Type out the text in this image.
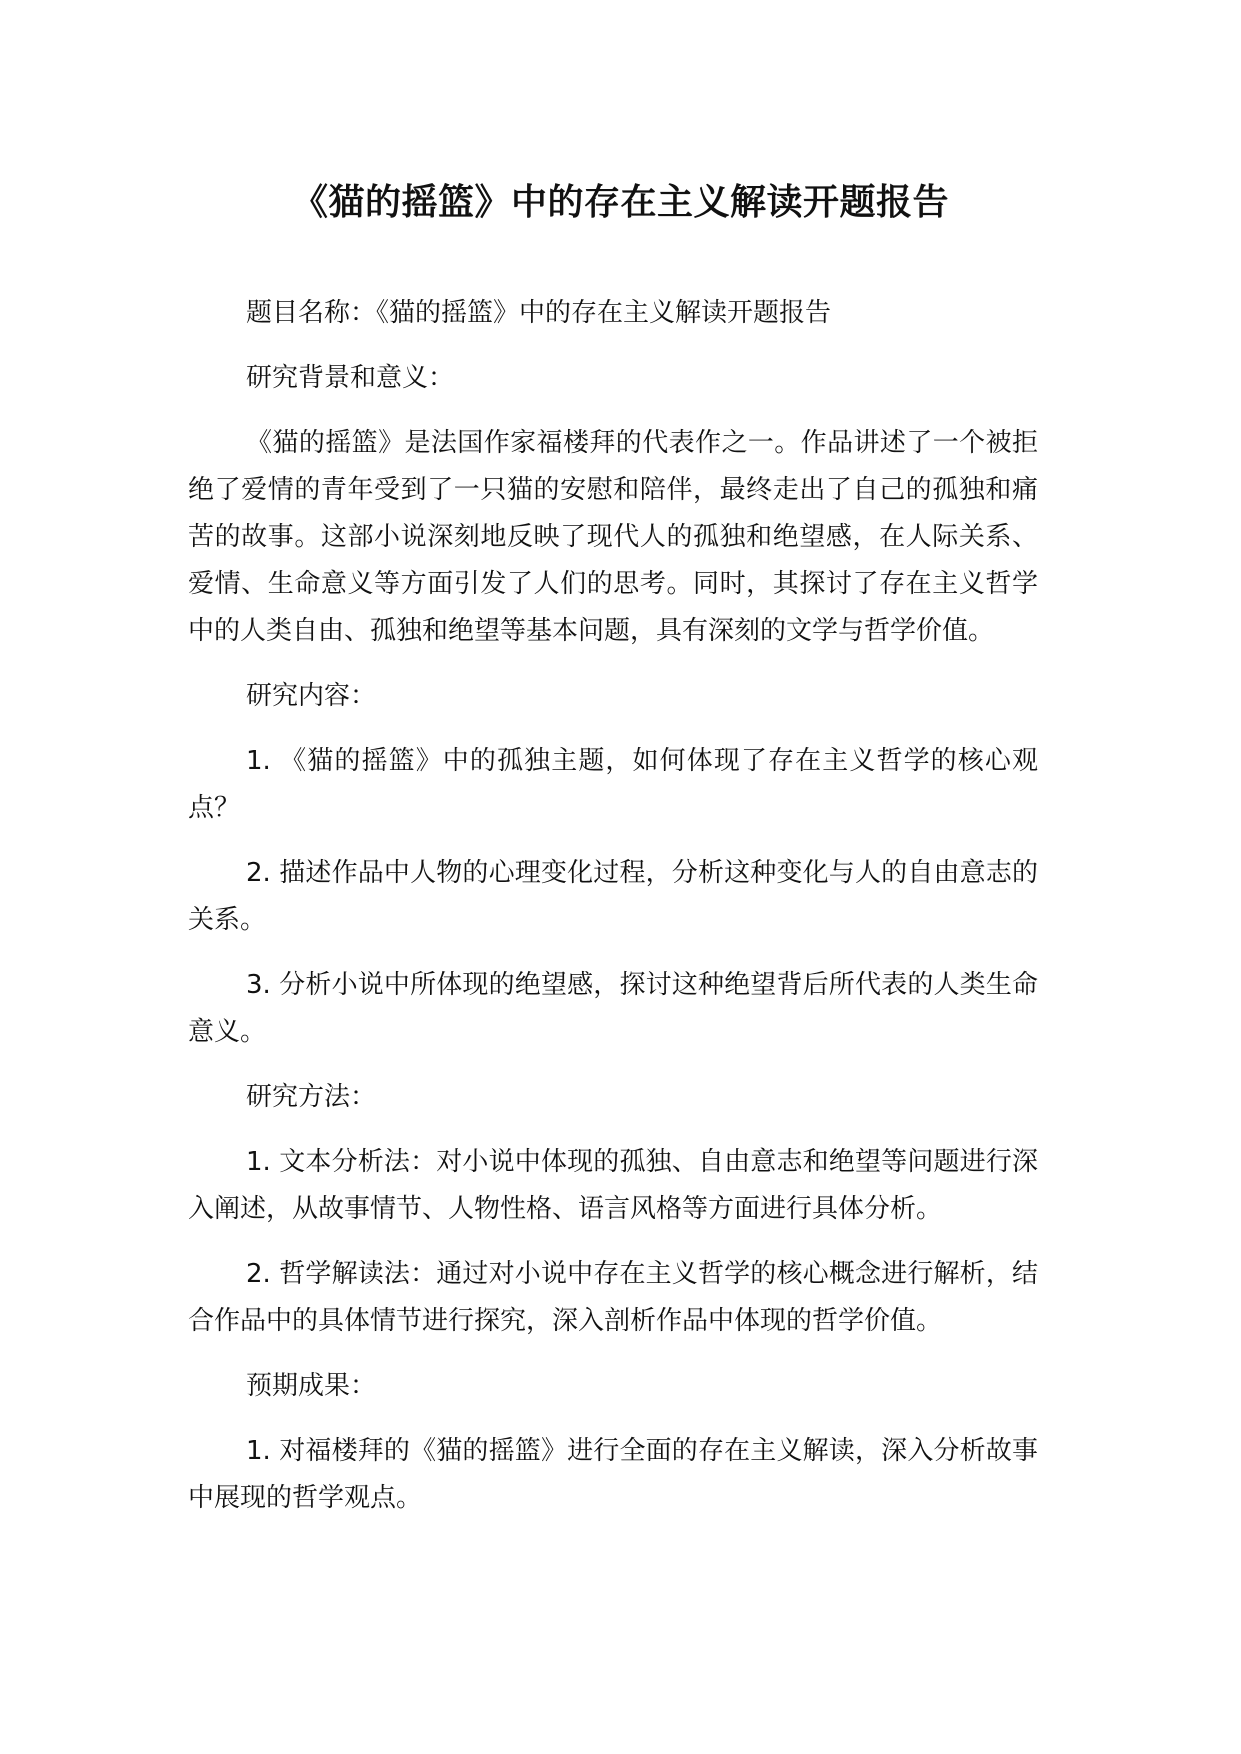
《猫的摇篮》中的存在主义解读开题报告

题目名称：《猫的摇篮》中的存在主义解读开题报告

研究背景和意义：

《猫的摇篮》是法国作家福楼拜的代表作之一。作品讲述了一个被拒绝了爱情的青年受到了一只猫的安慰和陪伴，最终走出了自己的孤独和痛苦的故事。这部小说深刻地反映了现代人的孤独和绝望感，在人际关系、爱情、生命意义等方面引发了人们的思考。同时，其探讨了存在主义哲学中的人类自由、孤独和绝望等基本问题，具有深刻的文学与哲学价值。

研究内容：

1. 《猫的摇篮》中的孤独主题，如何体现了存在主义哲学的核心观点？

2. 描述作品中人物的心理变化过程，分析这种变化与人的自由意志的关系。

3. 分析小说中所体现的绝望感，探讨这种绝望背后所代表的人类生命意义。

研究方法：

1. 文本分析法：对小说中体现的孤独、自由意志和绝望等问题进行深入阐述，从故事情节、人物性格、语言风格等方面进行具体分析。

2. 哲学解读法：通过对小说中存在主义哲学的核心概念进行解析，结合作品中的具体情节进行探究，深入剖析作品中体现的哲学价值。

预期成果：

1. 对福楼拜的《猫的摇篮》进行全面的存在主义解读，深入分析故事中展现的哲学观点。
